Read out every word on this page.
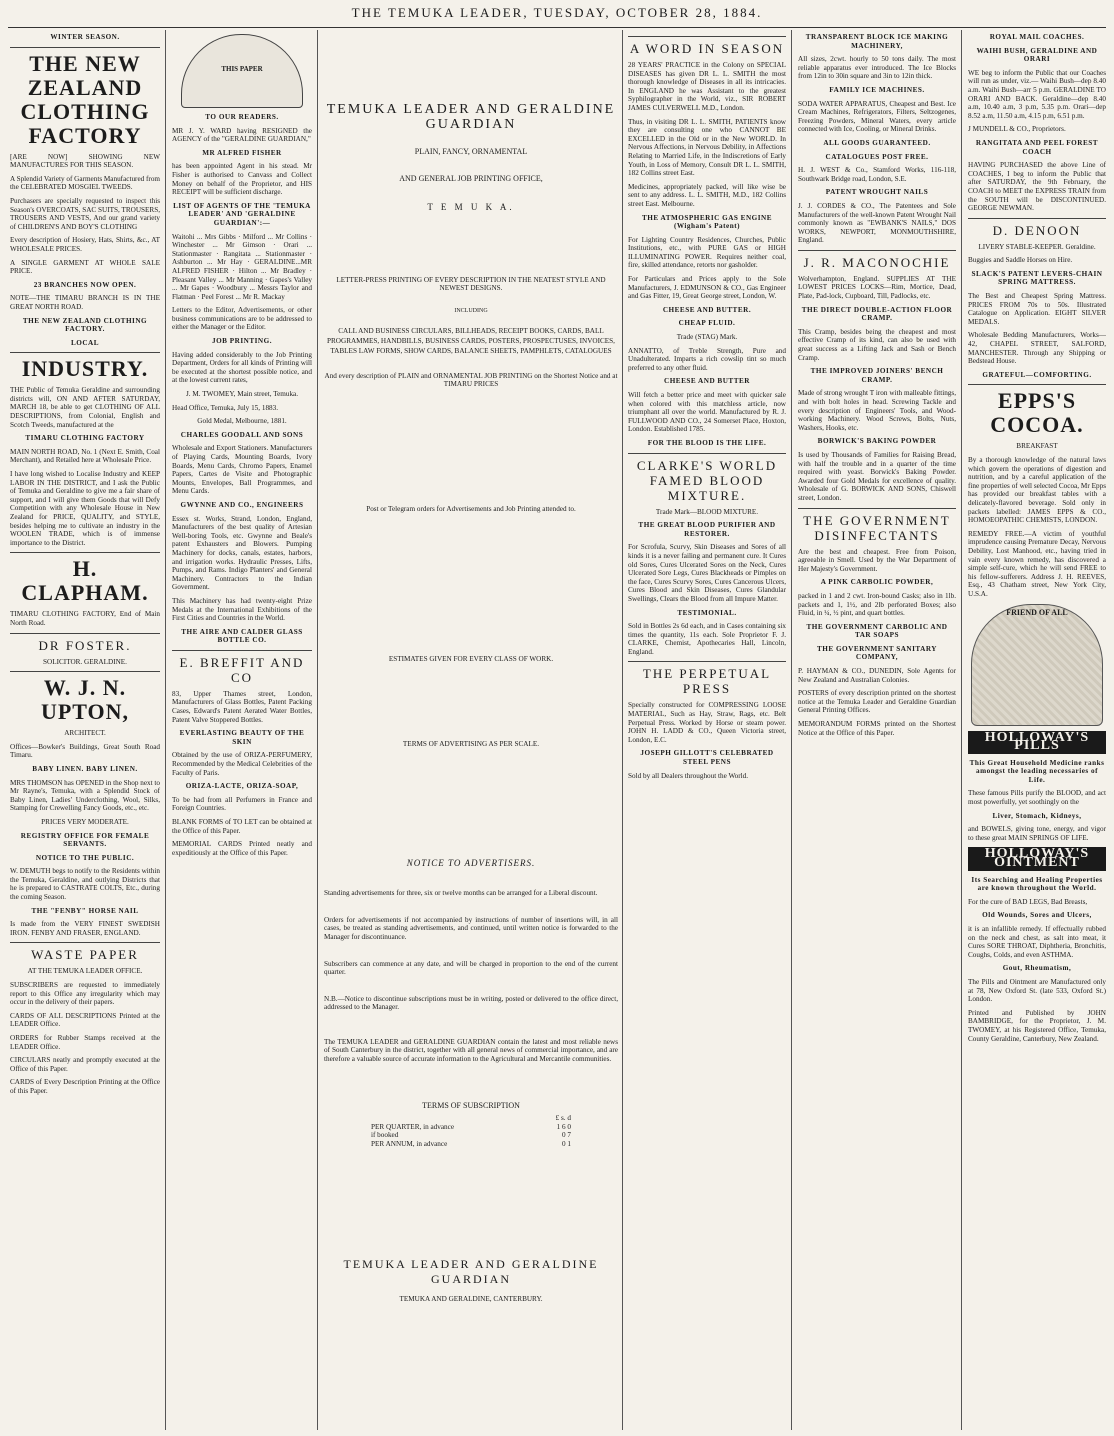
THE TEMUKA LEADER, TUESDAY, OCTOBER 28, 1884.

WINTER SEASON.

THE NEW ZEALAND CLOTHING FACTORY

[ARE NOW] SHOWING NEW MANUFACTURES FOR THIS SEASON.

A Splendid Variety of Garments Manufactured from the CELEBRATED MOSGIEL TWEEDS.

Purchasers are specially requested to inspect this Season's OVERCOATS, SAC SUITS, TROUSERS, TROUSERS AND VESTS, And our grand variety of CHILDREN'S AND BOY'S CLOTHING

Every description of Hosiery, Hats, Shirts, &c., AT WHOLESALE PRICES.

A SINGLE GARMENT AT WHOLE SALE PRICE.

23 BRANCHES NOW OPEN.

NOTE—THE TIMARU BRANCH IS IN THE GREAT NORTH ROAD.

THE NEW ZEALAND CLOTHING FACTORY.

LOCAL

INDUSTRY.

THE Public of Temuka Geraldine and surrounding districts will, ON AND AFTER SATURDAY, MARCH 18, be able to get CLOTHING OF ALL DESCRIPTIONS, from Colonial, English and Scotch Tweeds, manufactured at the

TIMARU CLOTHING FACTORY

MAIN NORTH ROAD, No. 1 (Next E. Smith, Coal Merchant), and Retailed here at Wholesale Price.

I have long wished to Localise Industry and KEEP LABOR IN THE DISTRICT, and I ask the Public of Temuka and Geraldine to give me a fair share of support, and I will give them Goods that will Defy Competition with any Wholesale House in New Zealand for PRICE, QUALITY, and STYLE, besides helping me to cultivate an industry in the WOOLEN TRADE, which is of immense importance to the District.

H. CLAPHAM.

TIMARU CLOTHING FACTORY, End of Main North Road.

DR FOSTER.

SOLICITOR. GERALDINE.

W. J. N. UPTON,

ARCHITECT.

Offices—Bowker's Buildings, Great South Road Timaru.

BABY LINEN. BABY LINEN.

MRS THOMSON has OPENED in the Shop next to Mr Rayne's, Temuka, with a Splendid Stock of Baby Linen, Ladies' Underclothing, Wool, Silks, Stamping for Crewelling Fancy Goods, etc., etc.

PRICES VERY MODERATE.

REGISTRY OFFICE FOR FEMALE SERVANTS.

NOTICE TO THE PUBLIC.

W. DEMUTH begs to notify to the Residents within the Temuka, Geraldine, and outlying Districts that he is prepared to CASTRATE COLTS, Etc., during the coming Season.

THE "FENBY" HORSE NAIL

Is made from the VERY FINEST SWEDISH IRON. FENBY AND FRASER, ENGLAND.

WASTE PAPER

AT THE TEMUKA LEADER OFFICE.

SUBSCRIBERS are requested to immediately report to this Office any irregularity which may occur in the delivery of their papers.

CARDS OF ALL DESCRIPTIONS Printed at the LEADER Office.

ORDERS for Rubber Stamps received at the LEADER Office.

CIRCULARS neatly and promptly executed at the Office of this Paper.

CARDS of Every Description Printing at the Office of this Paper.

THIS PAPER

TO OUR READERS.

MR J. Y. WARD having RESIGNED the AGENCY of the "GERALDINE GUARDIAN,"

MR ALFRED FISHER

has been appointed Agent in his stead. Mr Fisher is authorised to Canvass and Collect Money on behalf of the Proprietor, and HIS RECEIPT will be sufficient discharge.

LIST OF AGENTS OF THE 'TEMUKA LEADER' AND 'GERALDINE GUARDIAN':—

Waitohi ... Mrs Gibbs · Milford ... Mr Collins · Winchester ... Mr Gimson · Orari ... Stationmaster · Rangitata ... Stationmaster · Ashburton ... Mr Hay · GERALDINE...MR ALFRED FISHER · Hilton ... Mr Bradley · Pleasant Valley ... Mr Manning · Gapes's Valley ... Mr Gapes · Woodbury ... Messrs Taylor and Flatman · Peel Forest ... Mr R. Mackay

Letters to the Editor, Advertisements, or other business communications are to be addressed to either the Manager or the Editor.

JOB PRINTING.

Having added considerably to the Job Printing Department, Orders for all kinds of Printing will be executed at the shortest possible notice, and at the lowest current rates,

J. M. TWOMEY, Main street, Temuka.

Head Office, Temuka, July 15, 1883.

Gold Medal, Melbourne, 1881.

CHARLES GOODALL AND SONS

Wholesale and Export Stationers. Manufacturers of Playing Cards, Mounting Boards, Ivory Boards, Menu Cards, Chromo Papers, Enamel Papers, Cartes de Visite and Photographic Mounts, Envelopes, Ball Programmes, and Menu Cards.

GWYNNE AND CO., ENGINEERS

Essex st. Works, Strand, London, England, Manufacturers of the best quality of Artesian Well-boring Tools, etc. Gwynne and Beale's patent Exhausters and Blowers. Pumping Machinery for docks, canals, estates, harbors, and irrigation works. Hydraulic Presses, Lifts, Pumps, and Rams. Indigo Planters' and General Machinery. Contractors to the Indian Government.

This Machinery has had twenty-eight Prize Medals at the International Exhibitions of the First Cities and Countries in the World.

THE AIRE AND CALDER GLASS BOTTLE CO.

E. BREFFIT AND CO

83, Upper Thames street, London, Manufacturers of Glass Bottles, Patent Packing Cases, Edward's Patent Aerated Water Bottles, Patent Valve Stoppered Bottles.

EVERLASTING BEAUTY OF THE SKIN

Obtained by the use of ORIZA-PERFUMERY, Recommended by the Medical Celebrities of the Faculty of Paris.

ORIZA-LACTE, ORIZA-SOAP,

To be had from all Perfumers in France and Foreign Countries.

BLANK FORMS of TO LET can be obtained at the Office of this Paper.

MEMORIAL CARDS Printed neatly and expeditiously at the Office of this Paper.

TEMUKA LEADER AND GERALDINE GUARDIAN

PLAIN, FANCY, ORNAMENTAL

AND GENERAL JOB PRINTING OFFICE,

T E M U K A.

LETTER-PRESS PRINTING OF EVERY DESCRIPTION IN THE NEATEST STYLE AND NEWEST DESIGNS.

INCLUDING

CALL AND BUSINESS CIRCULARS, BILLHEADS, RECEIPT BOOKS, CARDS, BALL PROGRAMMES, HANDBILLS, BUSINESS CARDS, POSTERS, PROSPECTUSES, INVOICES, TABLES LAW FORMS, SHOW CARDS, BALANCE SHEETS, PAMPHLETS, CATALOGUES

And every description of PLAIN and ORNAMENTAL JOB PRINTING on the Shortest Notice and at TIMARU PRICES

Post or Telegram orders for Advertisements and Job Printing attended to.

ESTIMATES GIVEN FOR EVERY CLASS OF WORK.

TERMS OF ADVERTISING AS PER SCALE.

NOTICE TO ADVERTISERS.

Standing advertisements for three, six or twelve months can be arranged for a Liberal discount.

Orders for advertisements if not accompanied by instructions of number of insertions will, in all cases, be treated as standing advertisements, and continued, until written notice is forwarded to the Manager for discontinuance.

Subscribers can commence at any date, and will be charged in proportion to the end of the current quarter.

N.B.—Notice to discontinue subscriptions must be in writing, posted or delivered to the office direct, addressed to the Manager.

The TEMUKA LEADER and GERALDINE GUARDIAN contain the latest and most reliable news of South Canterbury in the district, together with all general news of commercial importance, and are therefore a valuable source of accurate information to the Agricultural and Mercantile communities.

TERMS OF SUBSCRIPTION

£ s. d
PER QUARTER, in advance	1 6 0
if booked	0 7
PER ANNUM, in advance	0 1

TEMUKA LEADER AND GERALDINE GUARDIAN

TEMUKA AND GERALDINE, CANTERBURY.

A WORD IN SEASON

28 YEARS' PRACTICE in the Colony on SPECIAL DISEASES has given DR L. L. SMITH the most thorough knowledge of Diseases in all its intricacies. In ENGLAND he was Assistant to the greatest Syphilographer in the World, viz., SIR ROBERT JAMES CULVERWELL M.D., London.

Thus, in visiting DR L. L. SMITH, PATIENTS know they are consulting one who CANNOT BE EXCELLED in the Old or in the New WORLD. In Nervous Affections, in Nervous Debility, in Affections Relating to Married Life, in the Indiscretions of Early Youth, in Loss of Memory, Consult DR L. L. SMITH, 182 Collins street East.

Medicines, appropriately packed, will like wise be sent to any address. L. L. SMITH, M.D., 182 Collins street East. Melbourne.

THE ATMOSPHERIC GAS ENGINE (Wigham's Patent)

For Lighting Country Residences, Churches, Public Institutions, etc., with PURE GAS or HIGH ILLUMINATING POWER. Requires neither coal, fire, skilled attendance, retorts nor gasholder.

For Particulars and Prices apply to the Sole Manufacturers, J. EDMUNSON & CO., Gas Engineer and Gas Fitter, 19, Great George street, London, W.

CHEESE AND BUTTER.

CHEAP FLUID.

Trade (STAG) Mark.

ANNATTO, of Treble Strength, Pure and Unadulterated. Imparts a rich cowslip tint so much preferred to any other fluid.

CHEESE AND BUTTER

Will fetch a better price and meet with quicker sale when colored with this matchless article, now triumphant all over the world. Manufactured by R. J. FULLWOOD AND CO., 24 Somerset Place, Hoxton, London. Established 1785.

FOR THE BLOOD IS THE LIFE.

CLARKE'S WORLD FAMED BLOOD MIXTURE.

Trade Mark—BLOOD MIXTURE.

THE GREAT BLOOD PURIFIER AND RESTORER.

For Scrofula, Scurvy, Skin Diseases and Sores of all kinds it is a never failing and permanent cure. It Cures old Sores, Cures Ulcerated Sores on the Neck, Cures Ulcerated Sore Legs, Cures Blackheads or Pimples on the face, Cures Scurvy Sores, Cures Cancerous Ulcers, Cures Blood and Skin Diseases, Cures Glandular Swellings, Clears the Blood from all Impure Matter.

TESTIMONIAL.

Sold in Bottles 2s 6d each, and in Cases containing six times the quantity, 11s each. Sole Proprietor F. J. CLARKE, Chemist, Apothecaries Hall, Lincoln, England.

THE PERPETUAL PRESS

Specially constructed for COMPRESSING LOOSE MATERIAL, Such as Hay, Straw, Rags, etc. Belt Perpetual Press. Worked by Horse or steam power. JOHN H. LADD & CO., Queen Victoria street, London, E.C.

JOSEPH GILLOTT'S CELEBRATED STEEL PENS

Sold by all Dealers throughout the World.

TRANSPARENT BLOCK ICE MAKING MACHINERY,

All sizes, 2cwt. hourly to 50 tons daily. The most reliable apparatus ever introduced. The Ice Blocks from 12in to 30in square and 3in to 12in thick.

FAMILY ICE MACHINES.

SODA WATER APPARATUS, Cheapest and Best. Ice Cream Machines, Refrigerators, Filters, Seltzogenes, Freezing Powders, Mineral Waters, every article connected with Ice, Cooling, or Mineral Drinks.

ALL GOODS GUARANTEED.

CATALOGUES POST FREE.

H. J. WEST & Co., Stamford Works, 116-118, Southwark Bridge road, London, S.E.

PATENT WROUGHT NAILS

J. J. CORDES & CO., The Patentees and Sole Manufacturers of the well-known Patent Wrought Nail commonly known as "EWBANK'S NAILS," DOS WORKS, NEWPORT, MONMOUTHSHIRE, England.

J. R. MACONOCHIE

Wolverhampton, England. SUPPLIES AT THE LOWEST PRICES LOCKS—Rim, Mortice, Dead, Plate, Pad-lock, Cupboard, Till, Padlocks, etc.

THE DIRECT DOUBLE-ACTION FLOOR CRAMP.

This Cramp, besides being the cheapest and most effective Cramp of its kind, can also be used with great success as a Lifting Jack and Sash or Bench Cramp.

THE IMPROVED JOINERS' BENCH CRAMP.

Made of strong wrought T iron with malleable fittings, and with bolt holes in head. Screwing Tackle and every description of Engineers' Tools, and Wood-working Machinery. Wood Screws, Bolts, Nuts, Washers, Hooks, etc.

BORWICK'S BAKING POWDER

Is used by Thousands of Families for Raising Bread, with half the trouble and in a quarter of the time required with yeast. Borwick's Baking Powder. Awarded four Gold Medals for excellence of quality. Wholesale of G. BORWICK AND SONS, Chiswell street, London.

THE GOVERNMENT DISINFECTANTS

Are the best and cheapest. Free from Poison, agreeable in Smell. Used by the War Department of Her Majesty's Government.

A PINK CARBOLIC POWDER,

packed in 1 and 2 cwt. Iron-bound Casks; also in 1lb. packets and 1, 1½, and 2lb perforated Boxes; also Fluid, in ¼, ½ pint, and quart bottles.

THE GOVERNMENT CARBOLIC AND TAR SOAPS

THE GOVERNMENT SANITARY COMPANY,

P. HAYMAN & CO., DUNEDIN, Sole Agents for New Zealand and Australian Colonies.

POSTERS of every description printed on the shortest notice at the Temuka Leader and Geraldine Guardian General Printing Offices.

MEMORANDUM FORMS printed on the Shortest Notice at the Office of this Paper.

ROYAL MAIL COACHES.

WAIHI BUSH, GERALDINE AND ORARI

WE beg to inform the Public that our Coaches will run as under, viz.— Waihi Bush—dep 8.40 a.m. Waihi Bush—arr 5 p.m. GERALDINE TO ORARI AND BACK. Geraldine—dep 8.40 a.m, 10.40 a.m, 3 p.m, 5.35 p.m. Orari—dep 8.52 a.m, 11.50 a.m, 4.15 p.m, 6.51 p.m.

J MUNDELL & CO., Proprietors.

RANGITATA AND PEEL FOREST COACH

HAVING PURCHASED the above Line of COACHES, I beg to inform the Public that after SATURDAY, the 9th February, the COACH to MEET the EXPRESS TRAIN from the SOUTH will be DISCONTINUED. GEORGE NEWMAN.

D. DENOON

LIVERY STABLE-KEEPER. Geraldine.

Buggies and Saddle Horses on Hire.

SLACK'S PATENT LEVERS-CHAIN SPRING MATTRESS.

The Best and Cheapest Spring Mattress. PRICES FROM 70s to 50s. Illustrated Catalogue on Application. EIGHT SILVER MEDALS.

Wholesale Bedding Manufacturers, Works—42, CHAPEL STREET, SALFORD, MANCHESTER. Through any Shipping or Bedstead House.

GRATEFUL—COMFORTING.

EPPS'S COCOA.

BREAKFAST

By a thorough knowledge of the natural laws which govern the operations of digestion and nutrition, and by a careful application of the fine properties of well selected Cocoa, Mr Epps has provided our breakfast tables with a delicately-flavored beverage. Sold only in packets labelled: JAMES EPPS & CO., HOMOEOPATHIC CHEMISTS, LONDON.

REMEDY FREE.—A victim of youthful imprudence causing Premature Decay, Nervous Debility, Lost Manhood, etc., having tried in vain every known remedy, has discovered a simple self-cure, which he will send FREE to his fellow-sufferers. Address J. H. REEVES, Esq., 43 Chatham street, New York City, U.S.A.

FRIEND OF ALL
HOLLOWAY'S PILLS

This Great Household Medicine ranks amongst the leading necessaries of Life.

These famous Pills purify the BLOOD, and act most powerfully, yet soothingly on the

Liver, Stomach, Kidneys,

and BOWELS, giving tone, energy, and vigor to these great MAIN SPRINGS OF LIFE.

HOLLOWAY'S OINTMENT

Its Searching and Healing Properties are known throughout the World.

For the cure of BAD LEGS, Bad Breasts,

Old Wounds, Sores and Ulcers,

it is an infallible remedy. If effectually rubbed on the neck and chest, as salt into meat, it Cures SORE THROAT, Diphtheria, Bronchitis, Coughs, Colds, and even ASTHMA.

Gout, Rheumatism,

The Pills and Ointment are Manufactured only at 78, New Oxford St. (late 533, Oxford St.) London.

Printed and Published by JOHN BAMBRIDGE, for the Proprietor, J. M. TWOMEY, at his Registered Office, Temuka, County Geraldine, Canterbury, New Zealand.
